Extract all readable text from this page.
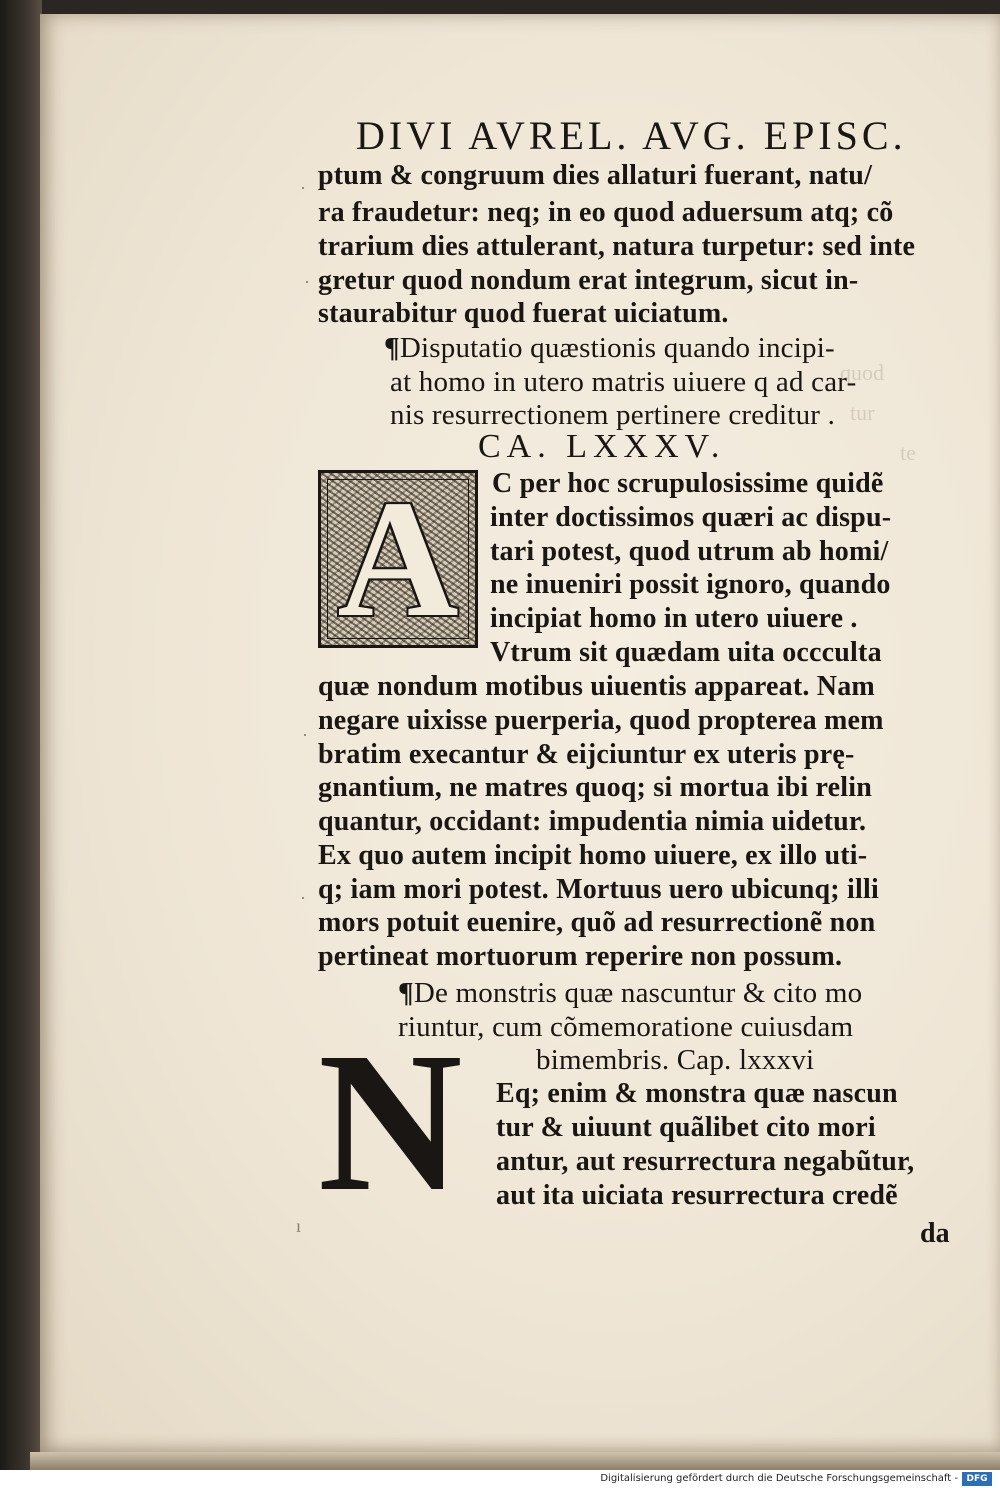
quod
tur
te
·
·
·
·
ı
DIVI AVREL. AVG. EPISC.
ptum & congruum dies allaturi fuerant, natu/
ra fraudetur: neq; in eo quod aduersum atq; cõ
trarium dies attulerant, natura turpetur: sed inte
gretur quod nondum erat integrum, sicut in-
staurabitur quod fuerat uiciatum.
¶Disputatio quæstionis quando incipi-
at homo in utero matris uiuere q ad car-
nis resurrectionem pertinere creditur .
CA. LXXXV.
A	C per hoc scrupulosissime quidẽ
inter doctissimos quæri ac dispu-
tari potest, quod utrum ab homi/
ne inueniri possit ignoro, quando
incipiat homo in utero uiuere .
Vtrum sit quædam uita occculta
quæ nondum motibus uiuentis appareat. Nam
negare uixisse puerperia, quod propterea mem
bratim execantur & eijciuntur ex uteris prę-
gnantium, ne matres quoq; si mortua ibi relin
quantur, occidant: impudentia nimia uidetur.
Ex quo autem incipit homo uiuere, ex illo uti-
q; iam mori potest. Mortuus uero ubicunq; illi
mors potuit euenire, quõ ad resurrectionẽ non
pertineat mortuorum reperire non possum.
¶De monstris quæ nascuntur & cito mo
riuntur, cum cõmemoratione cuiusdam
bimembris. Cap. lxxxvi
N Eq; enim & monstra quæ nascun
tur & uiuunt quãlibet cito mori
antur, aut resurrectura negabũtur,
aut ita uiciata resurrectura credẽ
da
Digitalisierung gefördert durch die Deutsche Forschungsgemeinschaft - DFG
